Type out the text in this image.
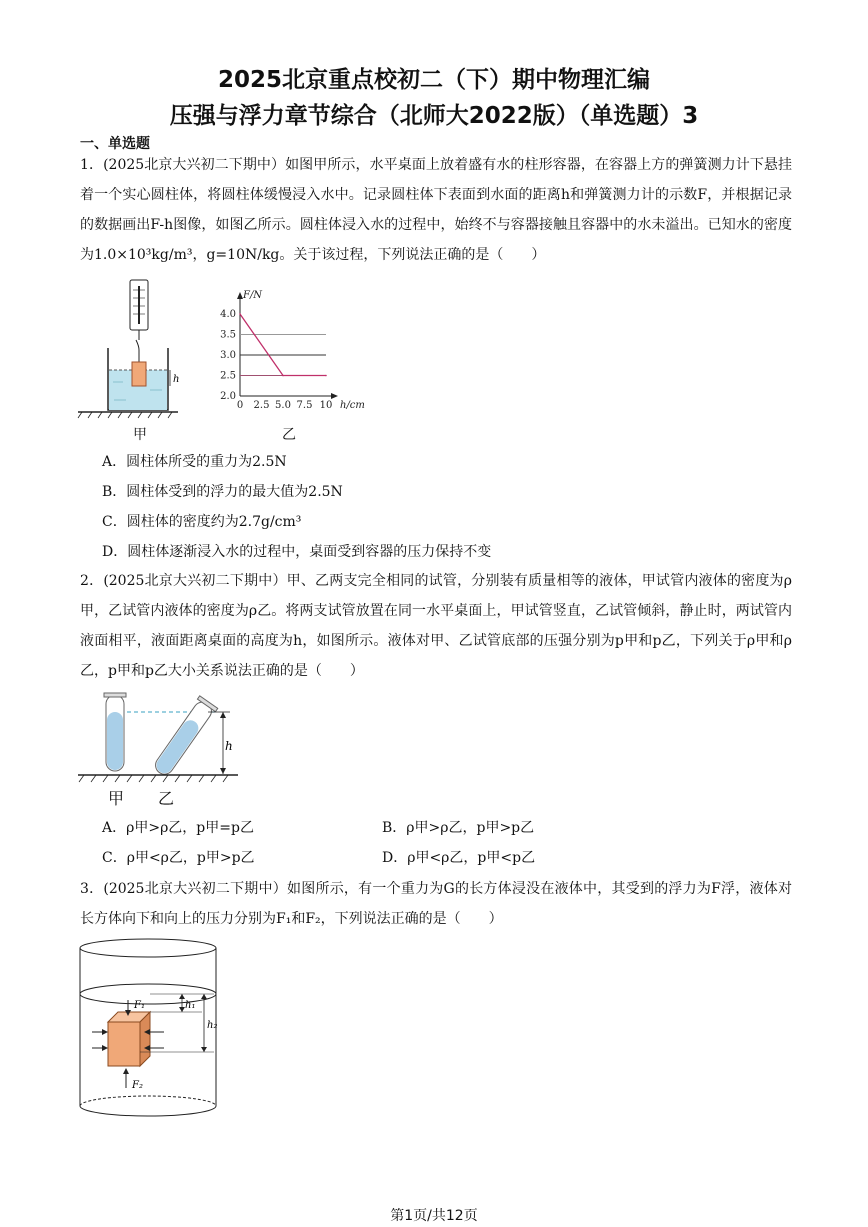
2025北京重点校初二（下）期中物理汇编
压强与浮力章节综合（北师大2022版）（单选题）3
一、单选题
1．(2025北京大兴初二下期中）如图甲所示，水平桌面上放着盛有水的柱形容器，在容器上方的弹簧测力计下悬挂着一个实心圆柱体，将圆柱体缓慢浸入水中。记录圆柱体下表面到水面的距离h和弹簧测力计的示数F，并根据记录的数据画出F-h图像，如图乙所示。圆柱体浸入水的过程中，始终不与容器接触且容器中的水未溢出。已知水的密度为1.0×10³kg/m³，g=10N/kg。关于该过程，下列说法正确的是（　　）
h
甲
2.0
2.5
3.0
3.5
4.0
0 2.5 5.0 7.5 10
F/N
h/cm
乙
A．圆柱体所受的重力为2.5N
B．圆柱体受到的浮力的最大值为2.5N
C．圆柱体的密度约为2.7g/cm³
D．圆柱体逐渐浸入水的过程中，桌面受到容器的压力保持不变
2．(2025北京大兴初二下期中）甲、乙两支完全相同的试管，分别装有质量相等的液体，甲试管内液体的密度为ρ甲，乙试管内液体的密度为ρ乙。将两支试管放置在同一水平桌面上，甲试管竖直，乙试管倾斜，静止时，两试管内液面相平，液面距离桌面的高度为h，如图所示。液体对甲、乙试管底部的压强分别为p甲和p乙，下列关于ρ甲和ρ乙，p甲和p乙大小关系说法正确的是（　　）
h
甲 乙
A．ρ甲>ρ乙，p甲=p乙	B．ρ甲>ρ乙，p甲>p乙
C．ρ甲<ρ乙，p甲>p乙	D．ρ甲<ρ乙，p甲<p乙
3．(2025北京大兴初二下期中）如图所示，有一个重力为G的长方体浸没在液体中，其受到的浮力为F浮，液体对长方体向下和向上的压力分别为F₁和F₂，下列说法正确的是（　　）
F₁
F₂
h₁
h₂
第1页/共12页
